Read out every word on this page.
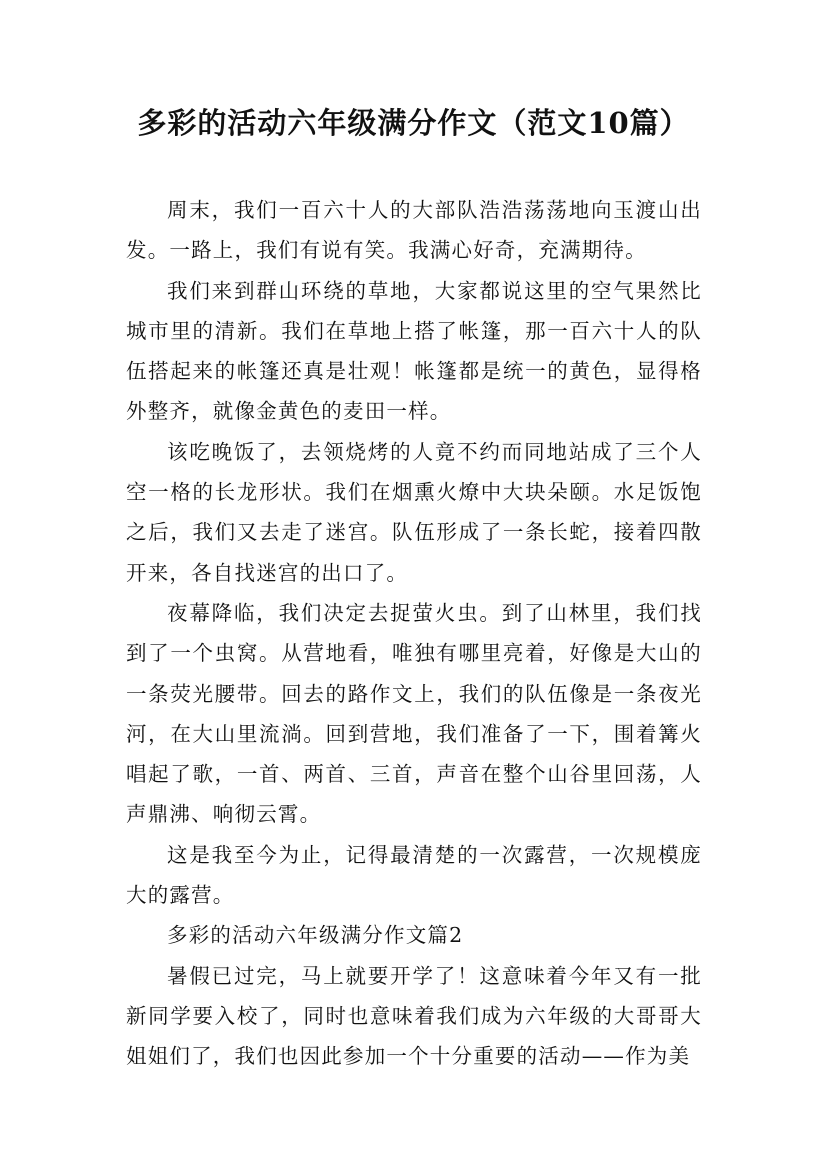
多彩的活动六年级满分作文（范文10篇）

周末，我们一百六十人的大部队浩浩荡荡地向玉渡山出发。一路上，我们有说有笑。我满心好奇，充满期待。

我们来到群山环绕的草地，大家都说这里的空气果然比城市里的清新。我们在草地上搭了帐篷，那一百六十人的队伍搭起来的帐篷还真是壮观！帐篷都是统一的黄色，显得格外整齐，就像金黄色的麦田一样。

该吃晚饭了，去领烧烤的人竟不约而同地站成了三个人空一格的长龙形状。我们在烟熏火燎中大块朵颐。水足饭饱之后，我们又去走了迷宫。队伍形成了一条长蛇，接着四散开来，各自找迷宫的出口了。

夜幕降临，我们决定去捉萤火虫。到了山林里，我们找到了一个虫窝。从营地看，唯独有哪里亮着，好像是大山的一条荧光腰带。回去的路作文上，我们的队伍像是一条夜光河，在大山里流淌。回到营地，我们准备了一下，围着篝火唱起了歌，一首、两首、三首，声音在整个山谷里回荡，人声鼎沸、响彻云霄。

这是我至今为止，记得最清楚的一次露营，一次规模庞大的露营。

多彩的活动六年级满分作文篇2

暑假已过完，马上就要开学了！这意味着今年又有一批新同学要入校了，同时也意味着我们成为六年级的大哥哥大姐姐们了，我们也因此参加一个十分重要的活动——作为美
